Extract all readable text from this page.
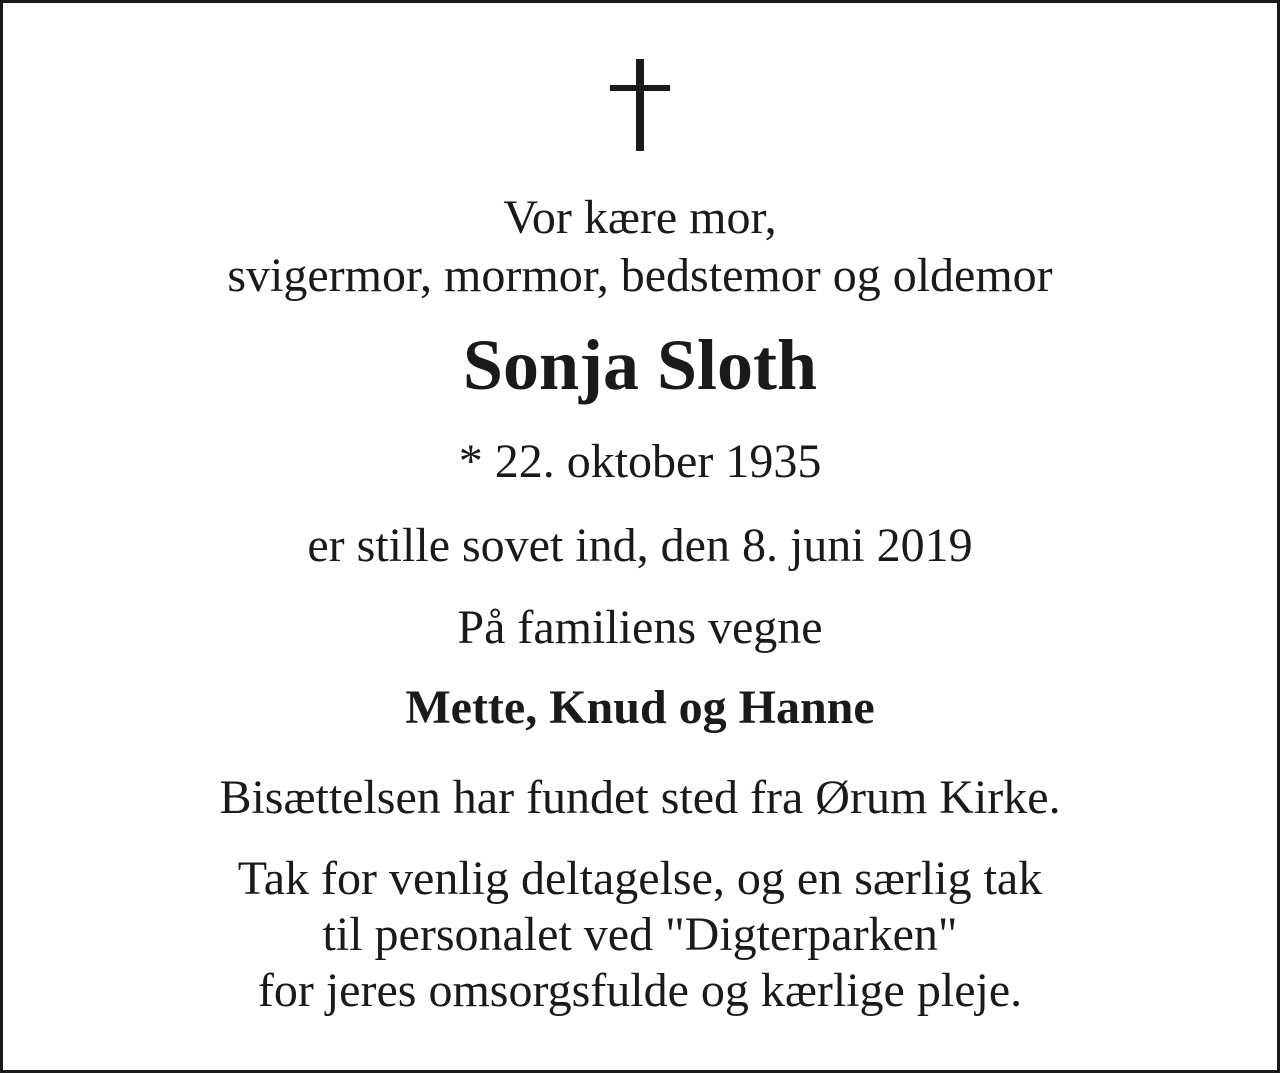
Vor kære mor,
svigermor, mormor, bedstemor og oldemor
Sonja Sloth
* 22. oktober 1935
er stille sovet ind, den 8. juni 2019
På familiens vegne
Mette, Knud og Hanne
Bisættelsen har fundet sted fra Ørum Kirke.
Tak for venlig deltagelse, og en særlig tak
til personalet ved "Digterparken"
for jeres omsorgsfulde og kærlige pleje.
